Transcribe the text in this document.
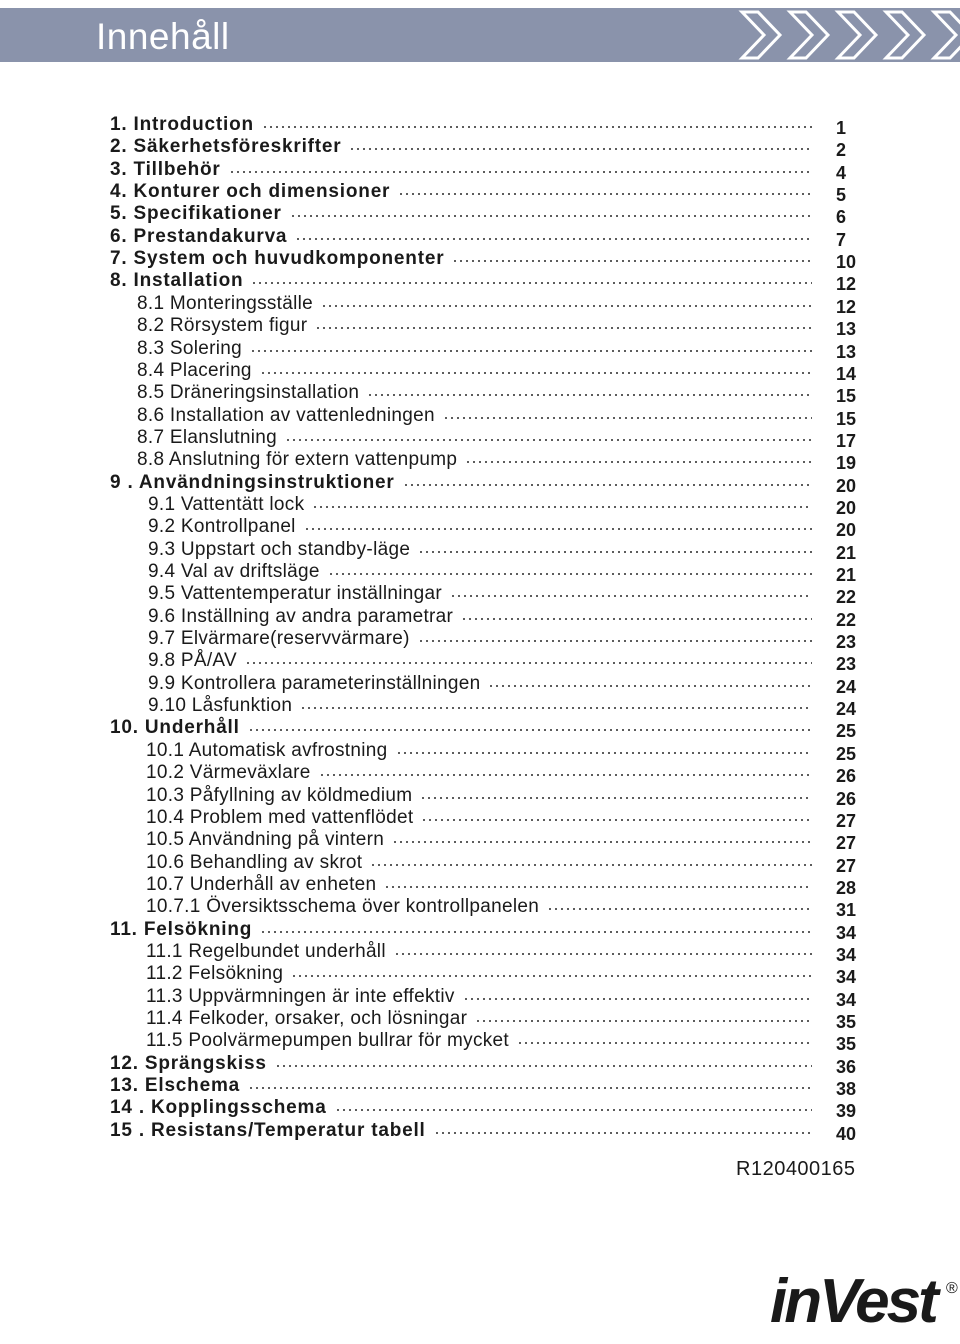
Innehåll
1. Introduction	1
2. Säkerhetsföreskrifter	2
3. Tillbehör	4
4. Konturer och dimensioner	5
5. Specifikationer	6
6. Prestandakurva	7
7. System och huvudkomponenter	10
8. Installation	12
8.1 Monteringsställe	12
8.2 Rörsystem figur	13
8.3 Solering	13
8.4 Placering	14
8.5 Dräneringsinstallation	15
8.6 Installation av vattenledningen	15
8.7 Elanslutning	17
8.8 Anslutning för extern vattenpump	19
9 . Användningsinstruktioner	20
9.1 Vattentätt lock	20
9.2 Kontrollpanel	20
9.3 Uppstart och standby-läge	21
9.4 Val av driftsläge	21
9.5 Vattentemperatur inställningar	22
9.6 Inställning av andra parametrar	22
9.7 Elvärmare(reservvärmare)	23
9.8 PÅ/AV	23
9.9 Kontrollera parameterinställningen	24
9.10 Låsfunktion	24
10. Underhåll	25
10.1 Automatisk avfrostning	25
10.2 Värmeväxlare	26
10.3 Påfyllning av köldmedium	26
10.4 Problem med vattenflödet	27
10.5 Användning på vintern	27
10.6 Behandling av skrot	27
10.7 Underhåll av enheten	28
10.7.1 Översiktsschema över kontrollpanelen	31
11. Felsökning	34
11.1 Regelbundet underhåll	34
11.2 Felsökning	34
11.3 Uppvärmningen är inte effektiv	34
11.4 Felkoder, orsaker, och lösningar	35
11.5 Poolvärmepumpen bullrar för mycket	35
12. Sprängskiss	36
13. Elschema	38
14 . Kopplingsschema	39
15 . Resistans/Temperatur tabell	40
R120400165
inVest ®
